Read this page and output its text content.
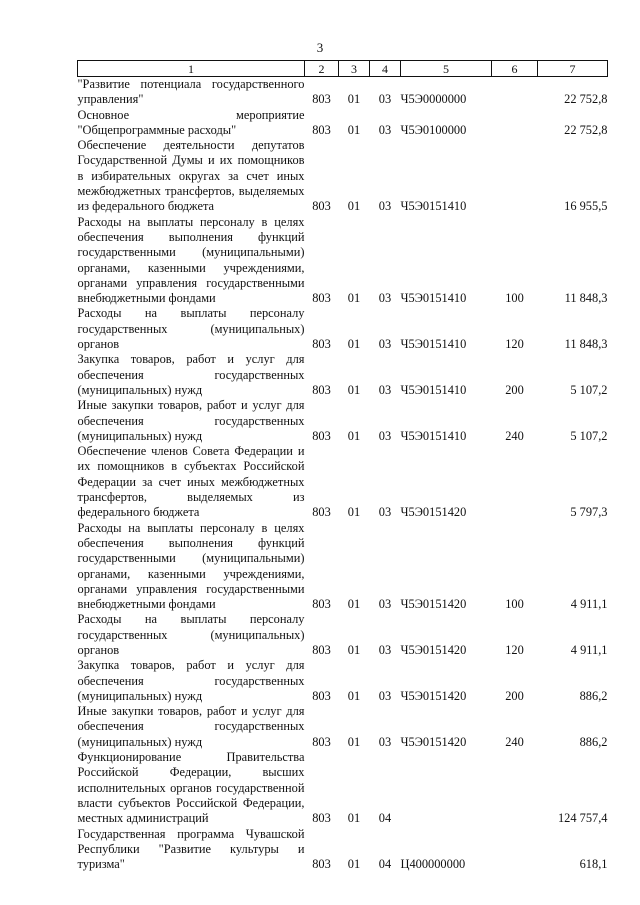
3
1	2	3	4	5	6	7
"Развитие потенциала государственного управления"	803	01	03	Ч5Э0000000		22 752,8
Основное мероприятие "Общепрограммные расходы"	803	01	03	Ч5Э0100000		22 752,8
Обеспечение деятельности депутатов Государственной Думы и их помощников в избирательных округах за счет иных межбюджетных трансфертов, выделяемых из федерального бюджета	803	01	03	Ч5Э0151410		16 955,5
Расходы на выплаты персоналу в целях обеспечения выполнения функций государственными (муниципальными) органами, казенными учреждениями, органами управления государственными внебюджетными фондами	803	01	03	Ч5Э0151410	100	11 848,3
Расходы на выплаты персоналу государственных (муниципальных) органов	803	01	03	Ч5Э0151410	120	11 848,3
Закупка товаров, работ и услуг для обеспечения государственных (муниципальных) нужд	803	01	03	Ч5Э0151410	200	5 107,2
Иные закупки товаров, работ и услуг для обеспечения государственных (муниципальных) нужд	803	01	03	Ч5Э0151410	240	5 107,2
Обеспечение членов Совета Федерации и их помощников в субъектах Российской Федерации за счет иных межбюджетных трансфертов, выделяемых из федерального бюджета	803	01	03	Ч5Э0151420		5 797,3
Расходы на выплаты персоналу в целях обеспечения выполнения функций государственными (муниципальными) органами, казенными учреждениями, органами управления государственными внебюджетными фондами	803	01	03	Ч5Э0151420	100	4 911,1
Расходы на выплаты персоналу государственных (муниципальных) органов	803	01	03	Ч5Э0151420	120	4 911,1
Закупка товаров, работ и услуг для обеспечения государственных (муниципальных) нужд	803	01	03	Ч5Э0151420	200	886,2
Иные закупки товаров, работ и услуг для обеспечения государственных (муниципальных) нужд	803	01	03	Ч5Э0151420	240	886,2
Функционирование Правительства Российской Федерации, высших исполнительных органов государственной власти субъектов Российской Федерации, местных администраций	803	01	04			124 757,4
Государственная программа Чувашской Республики "Развитие культуры и туризма"	803	01	04	Ц400000000		618,1
